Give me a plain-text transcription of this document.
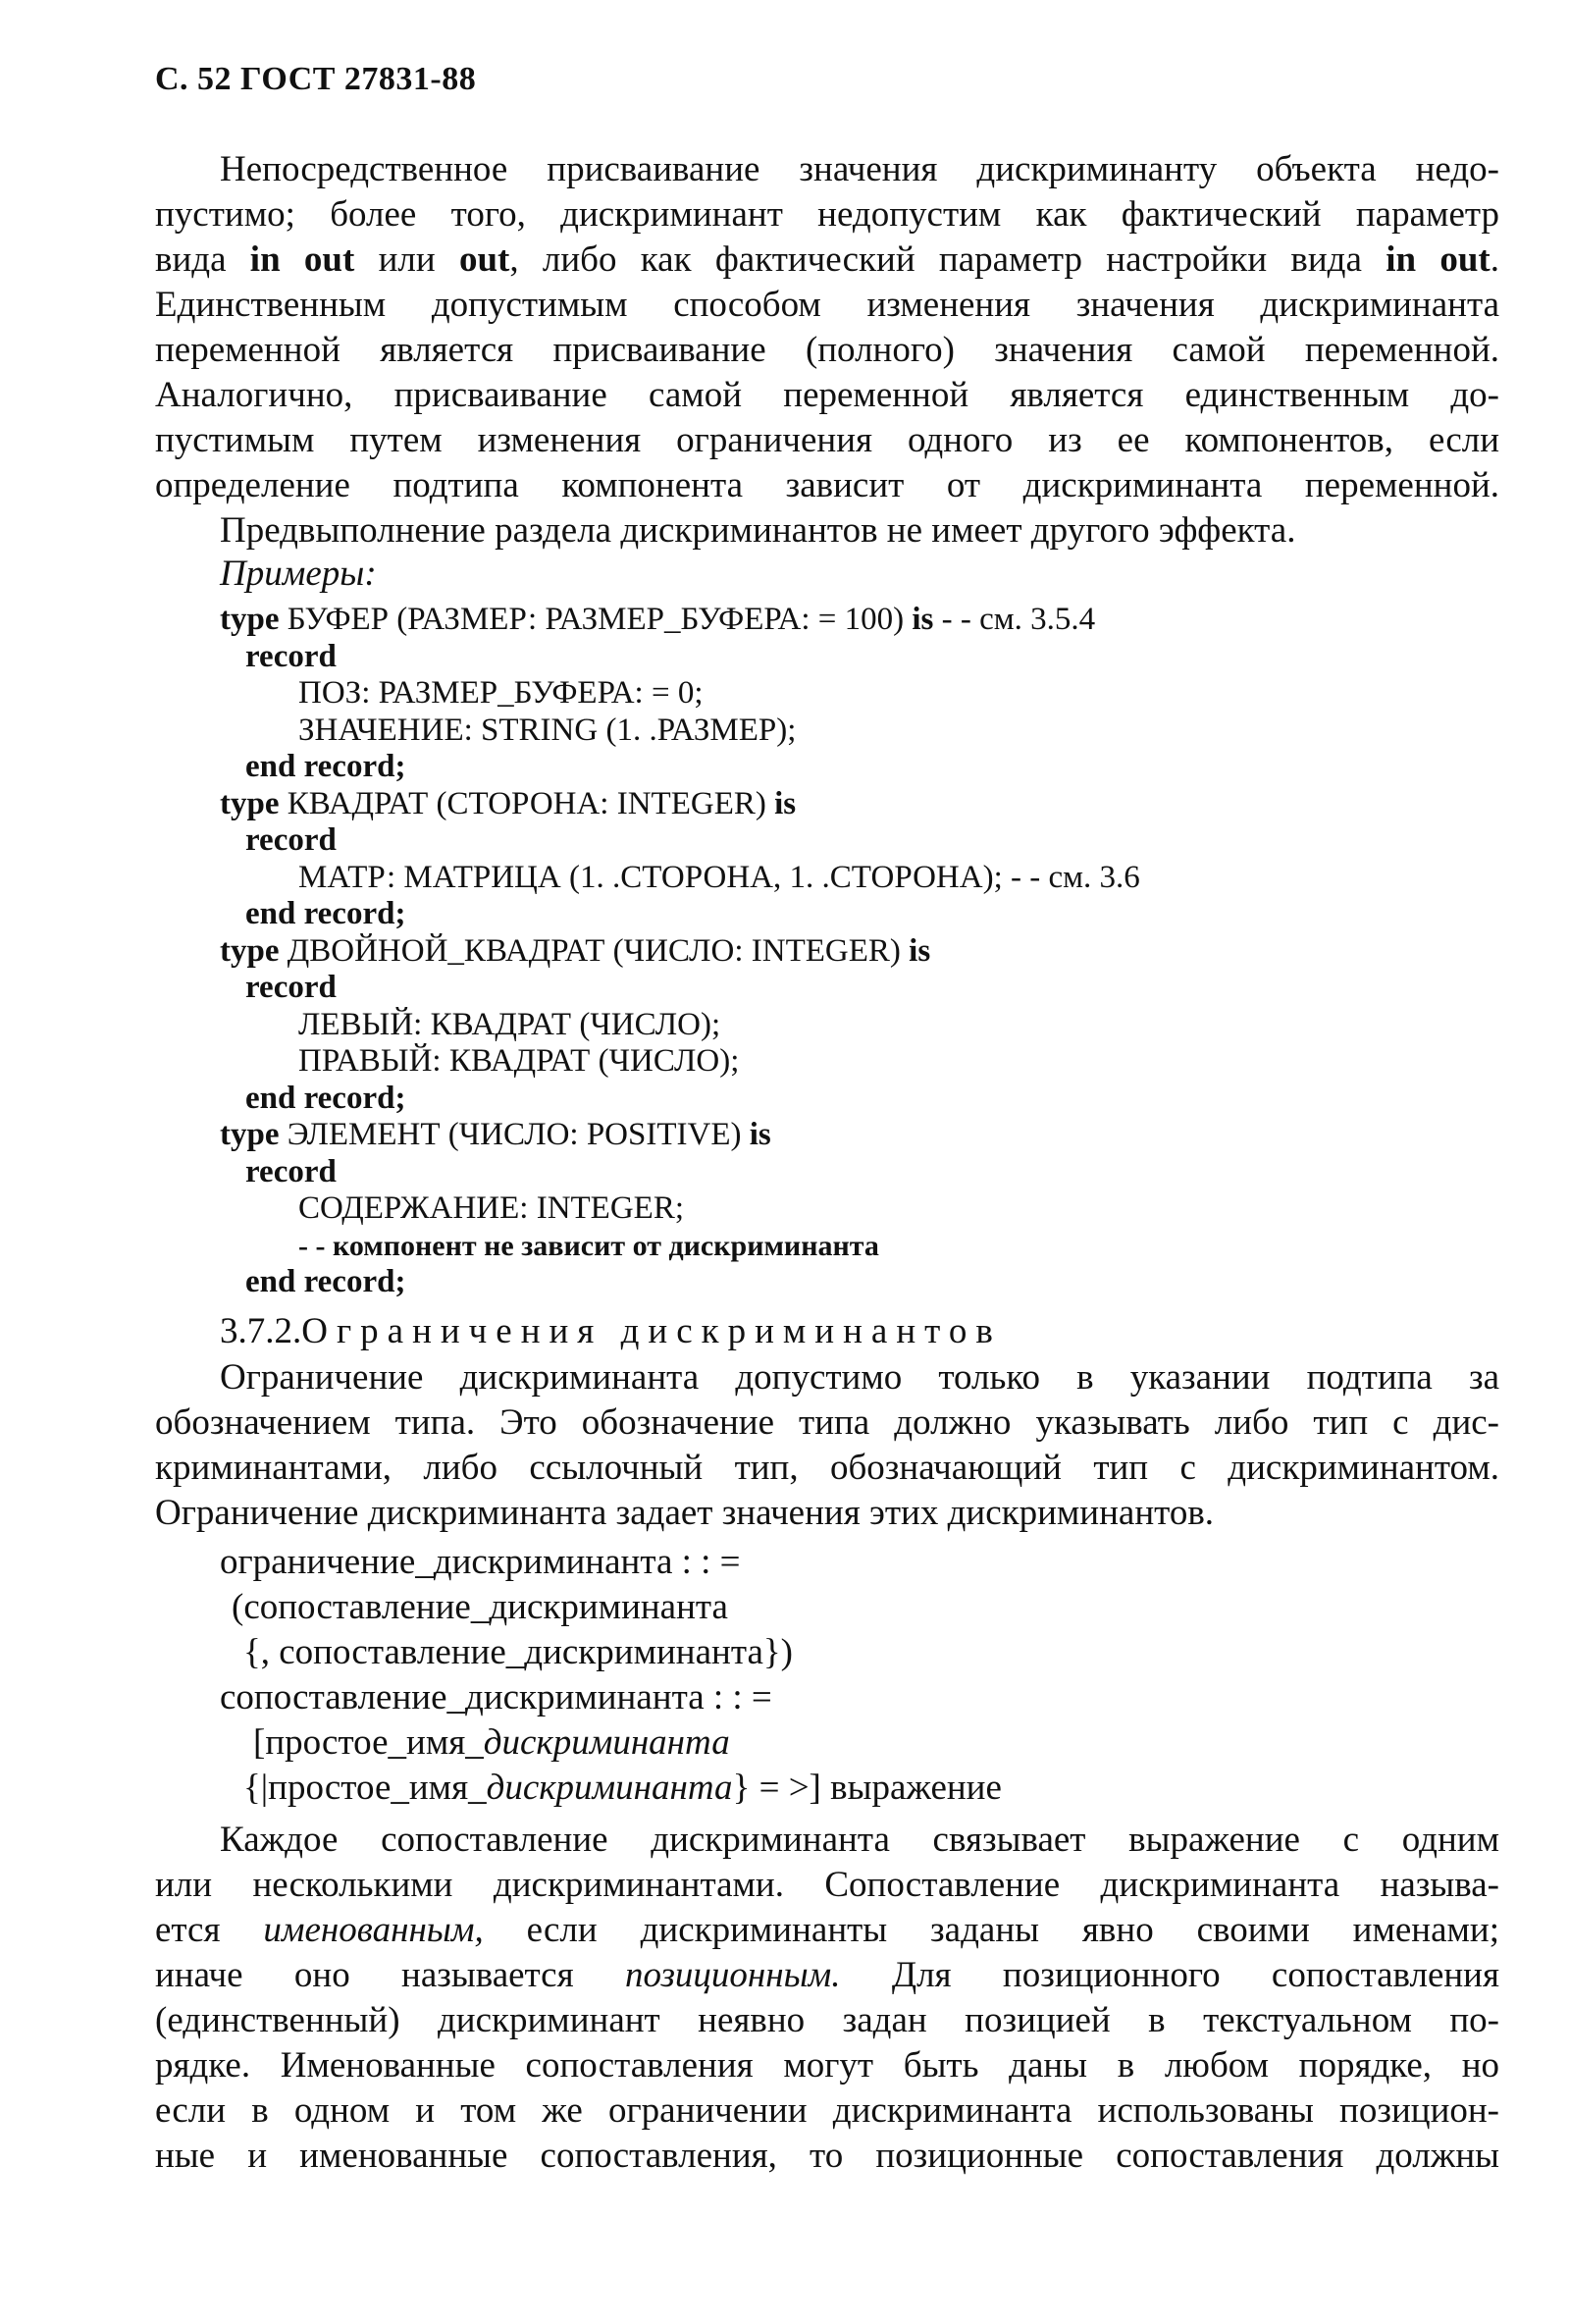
С. 52 ГОСТ 27831-88
Непосредственное присваивание значения дискриминанту объекта недо-
пустимо; более того, дискриминант недопустим как фактический параметр
вида in out или out, либо как фактический параметр настройки вида in out.
Единственным допустимым способом изменения значения дискриминанта
переменной является присваивание (полного) значения самой переменной.
Аналогично, присваивание самой переменной является единственным до-
пустимым путем изменения ограничения одного из ее компонентов, если
определение подтипа компонента зависит от дискриминанта переменной.
Предвыполнение раздела дискриминантов не имеет другого эффекта.
Примеры:
type БУФЕР (РАЗМЕР: РАЗМЕР_БУФЕРА: = 100) is - - см. 3.5.4
record
ПОЗ: РАЗМЕР_БУФЕРА: = 0;
ЗНАЧЕНИЕ: STRING (1. .РАЗМЕР);
end record;
type КВАДРАТ (СТОРОНА: INTEGER) is
record
МАТР: МАТРИЦА (1. .СТОРОНА, 1. .СТОРОНА); - - см. 3.6
end record;
type ДВОЙНОЙ_КВАДРАТ (ЧИСЛО: INTEGER) is
record
ЛЕВЫЙ: КВАДРАТ (ЧИСЛО);
ПРАВЫЙ: КВАДРАТ (ЧИСЛО);
end record;
type ЭЛЕМЕНТ (ЧИСЛО: POSITIVE) is
record
СОДЕРЖАНИЕ: INTEGER;
- - компонент не зависит от дискриминанта
end record;
3.7.2.Ограничения дискриминантов
Ограничение дискриминанта допустимо только в указании подтипа за
обозначением типа. Это обозначение типа должно указывать либо тип с дис-
криминантами, либо ссылочный тип, обозначающий тип с дискриминантом.
Ограничение дискриминанта задает значения этих дискриминантов.
ограничение_дискриминанта : : =
(сопоставление_дискриминанта
{, сопоставление_дискриминанта})
сопоставление_дискриминанта : : =
[простое_имя_дискриминанта
{|простое_имя_дискриминанта} = >] выражение
Каждое сопоставление дискриминанта связывает выражение с одним
или несколькими дискриминантами. Сопоставление дискриминанта называ-
ется именованным, если дискриминанты заданы явно своими именами;
иначе оно называется позиционным. Для позиционного сопоставления
(единственный) дискриминант неявно задан позицией в текстуальном по-
рядке. Именованные сопоставления могут быть даны в любом порядке, но
если в одном и том же ограничении дискриминанта использованы позицион-
ные и именованные сопоставления, то позиционные сопоставления должны
